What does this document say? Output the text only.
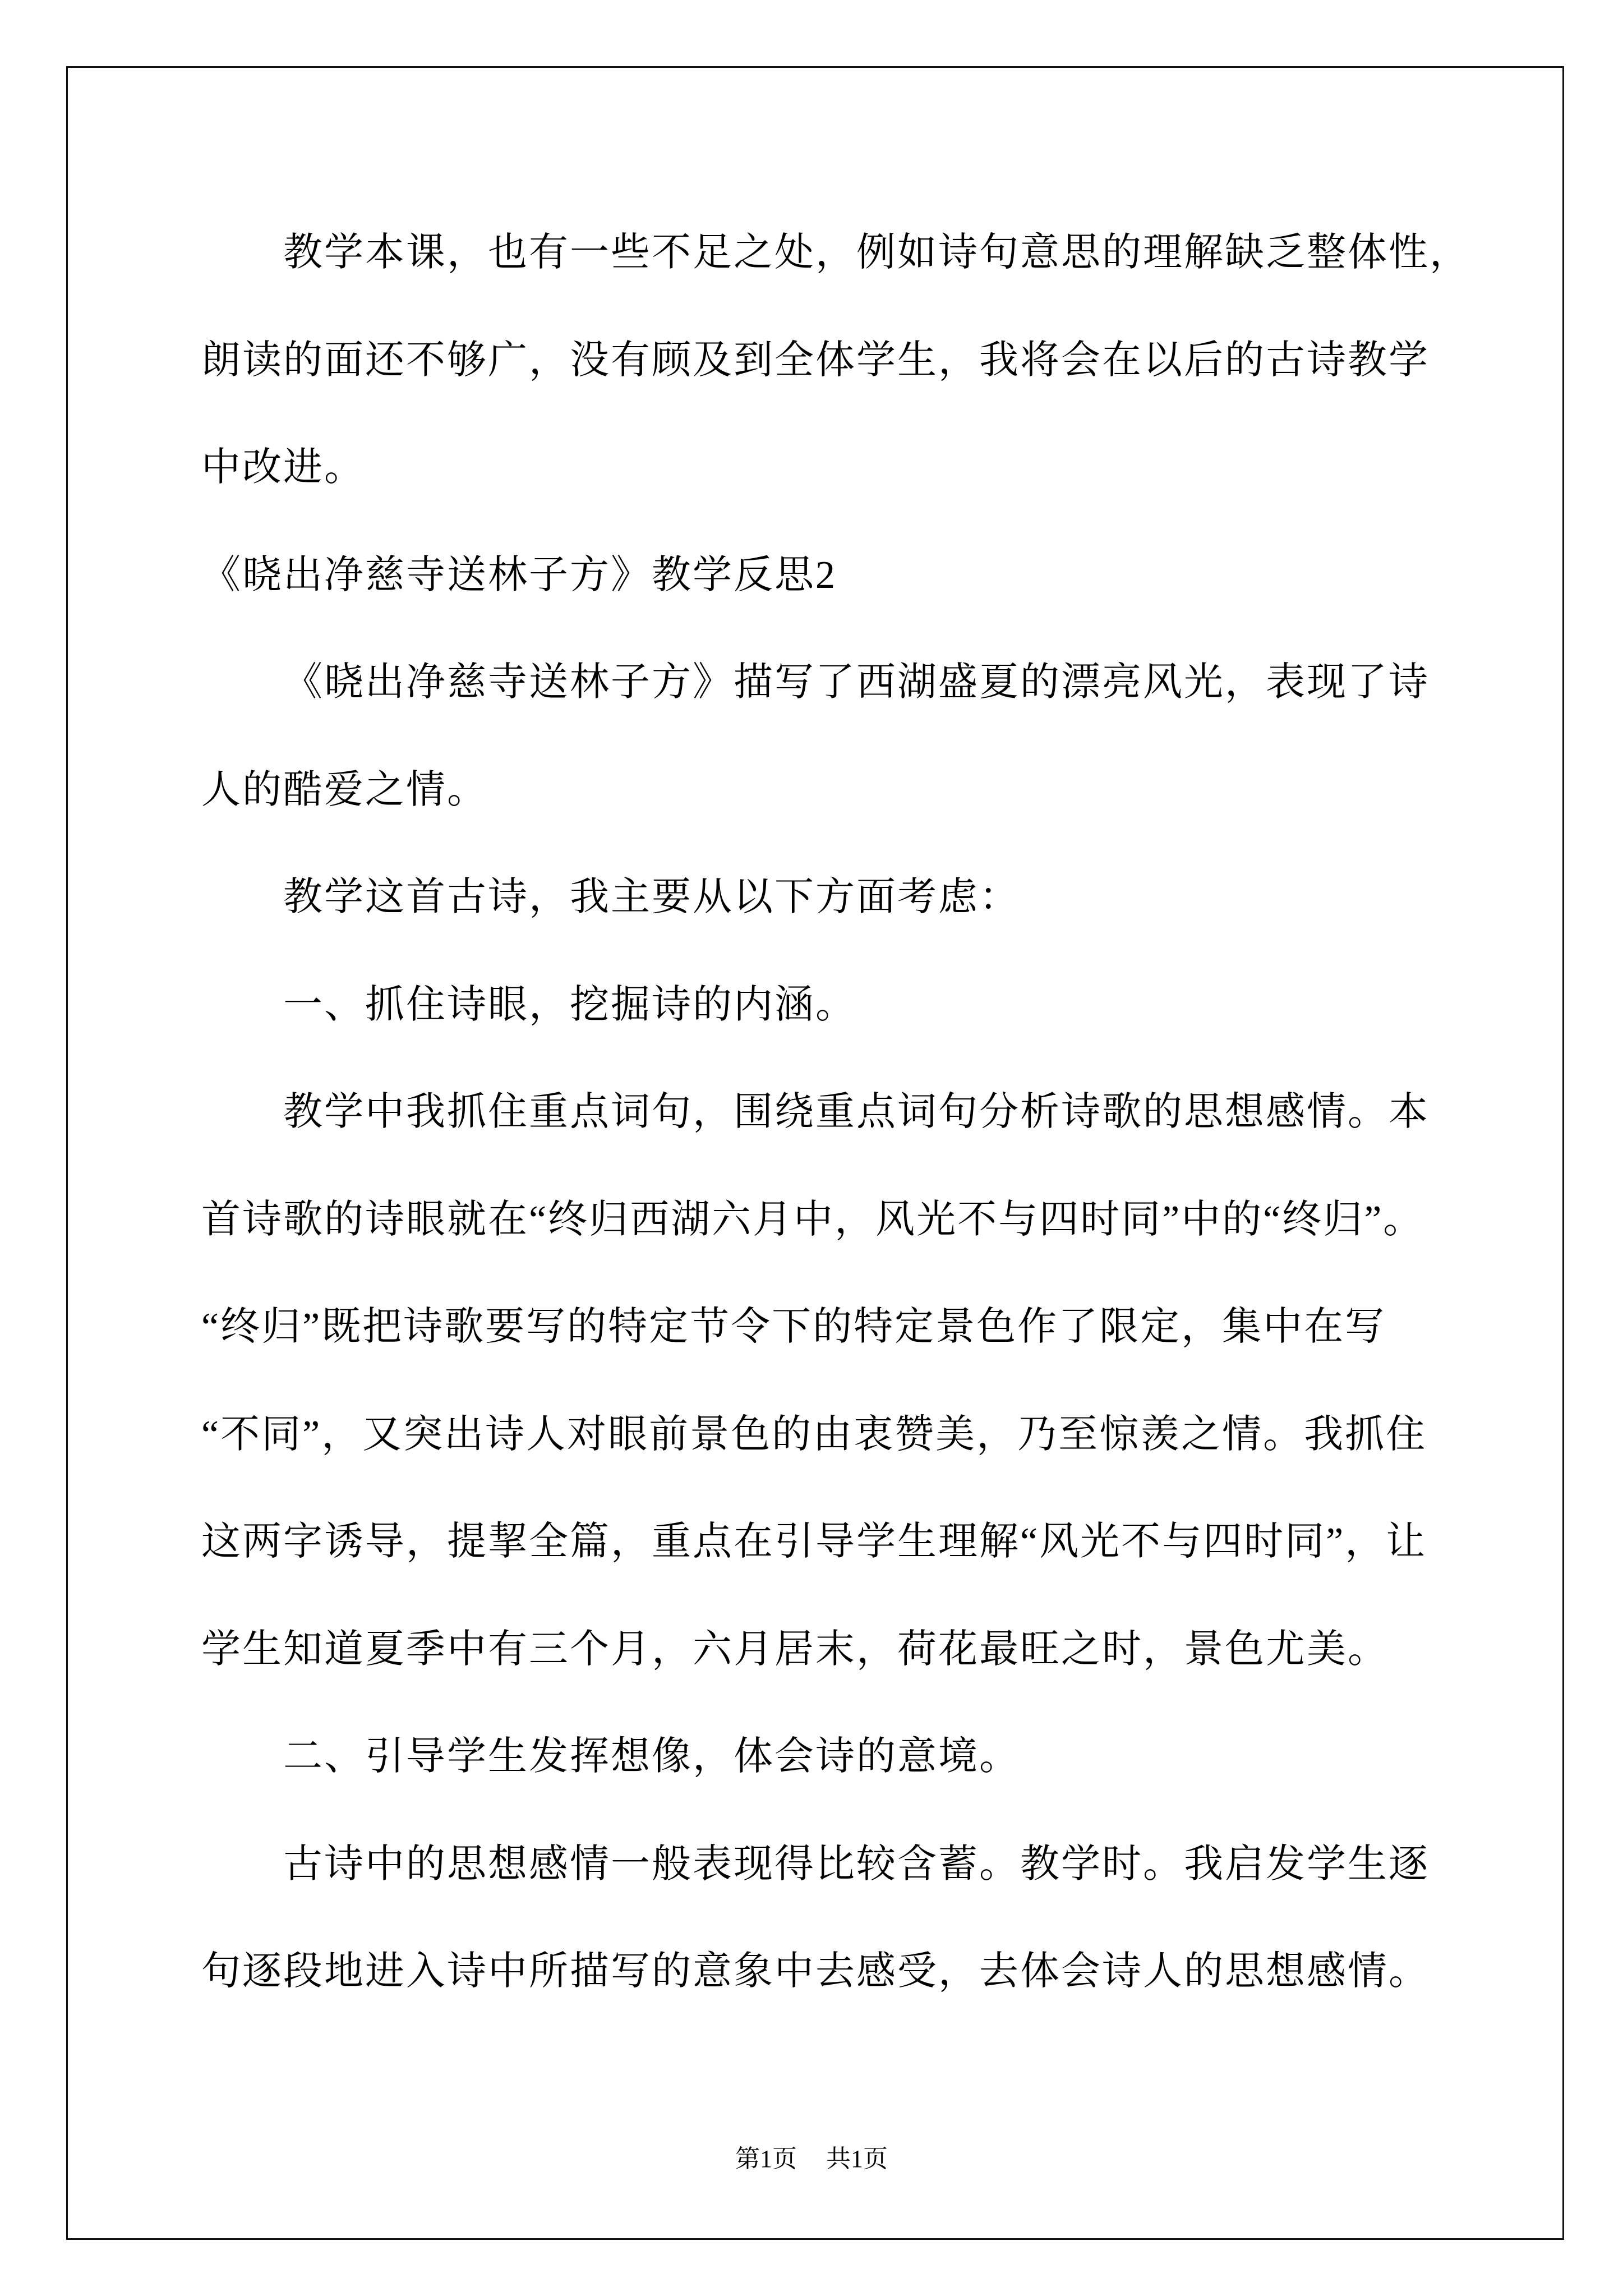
教学本课，也有一些不足之处，例如诗句意思的理解缺乏整体性，
朗读的面还不够广，没有顾及到全体学生，我将会在以后的古诗教学
中改进。
《晓出净慈寺送林子方》教学反思2
《晓出净慈寺送林子方》描写了西湖盛夏的漂亮风光，表现了诗
人的酷爱之情。
教学这首古诗，我主要从以下方面考虑：
一、抓住诗眼，挖掘诗的内涵。
教学中我抓住重点词句，围绕重点词句分析诗歌的思想感情。本
首诗歌的诗眼就在“终归西湖六月中，风光不与四时同”中的“终归”。
“终归”既把诗歌要写的特定节令下的特定景色作了限定，集中在写
“不同”，又突出诗人对眼前景色的由衷赞美，乃至惊羡之情。我抓住
这两字诱导，提挈全篇，重点在引导学生理解“风光不与四时同”，让
学生知道夏季中有三个月，六月居末，荷花最旺之时，景色尤美。
二、引导学生发挥想像，体会诗的意境。
古诗中的思想感情一般表现得比较含蓄。教学时。我启发学生逐
句逐段地进入诗中所描写的意象中去感受，去体会诗人的思想感情。
第1页 共1页
